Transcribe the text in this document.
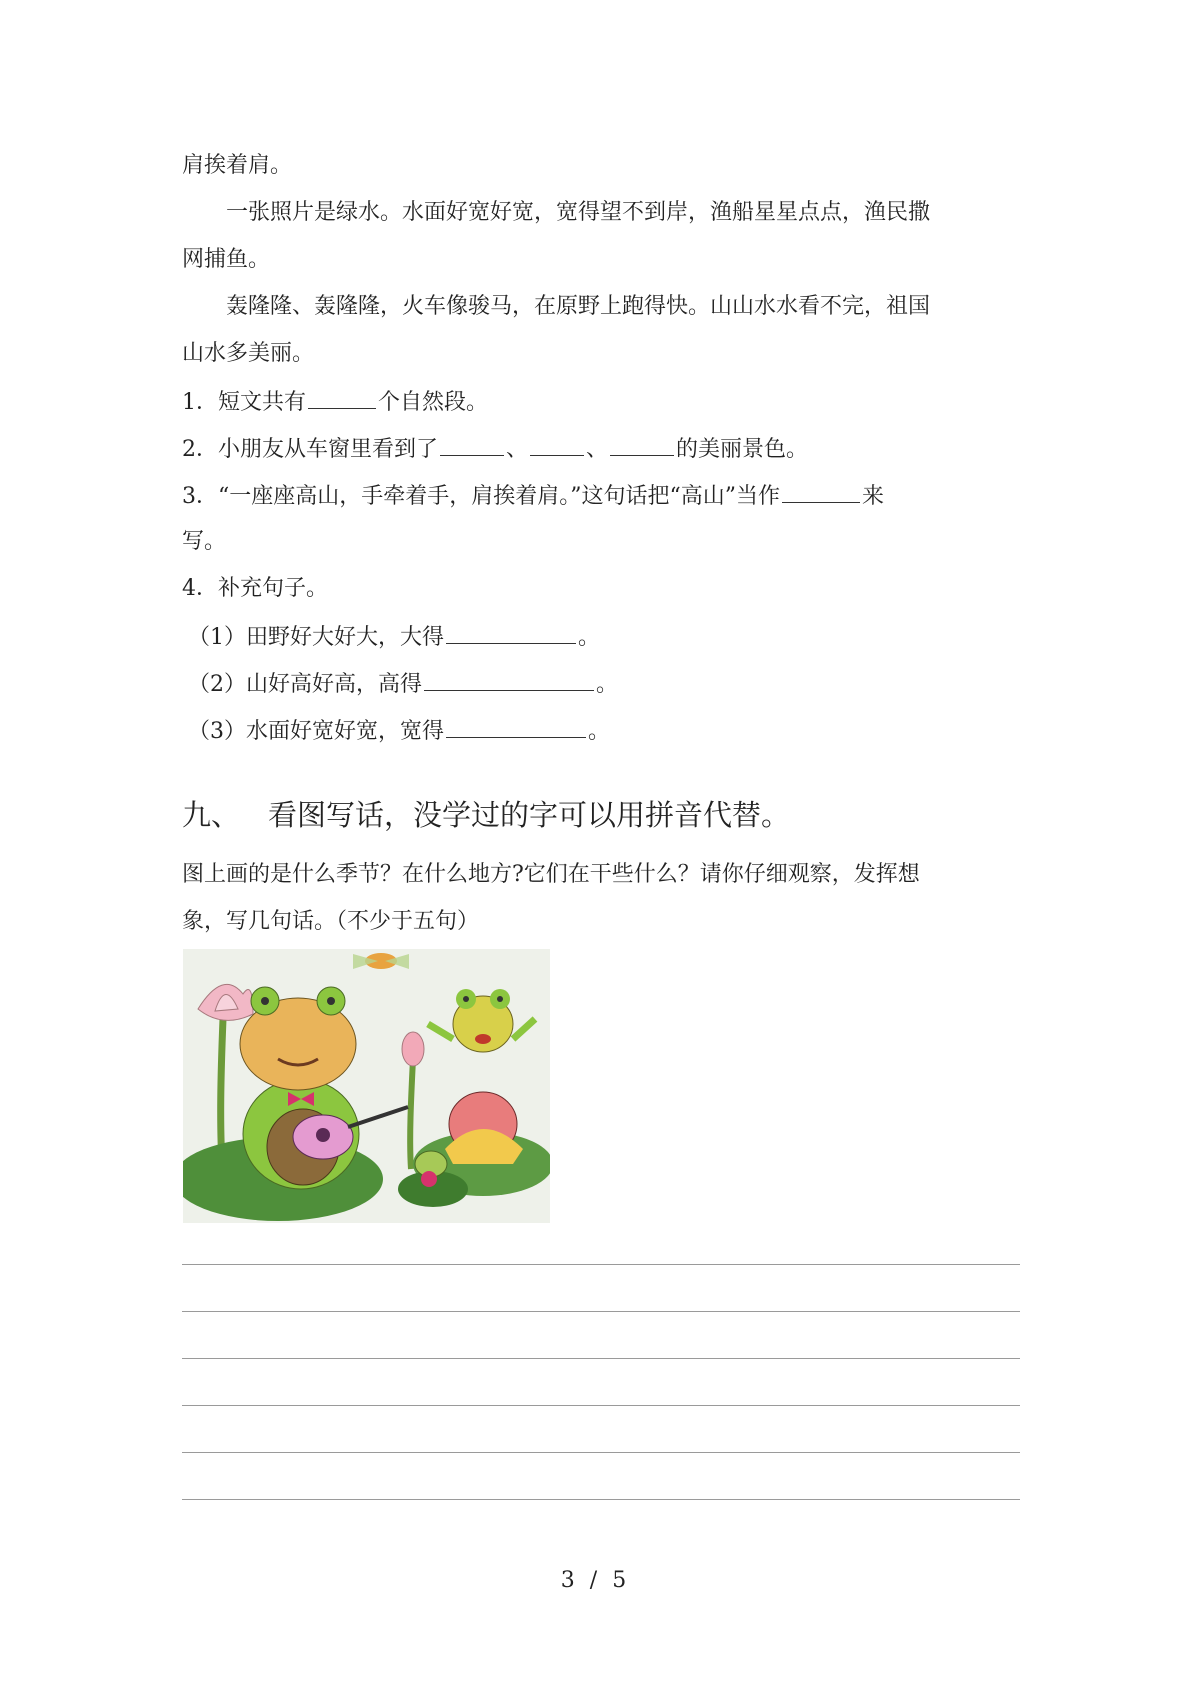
肩挨着肩。
一张照片是绿水。水面好宽好宽，宽得望不到岸，渔船星星点点，渔民撒
网捕鱼。
轰隆隆、轰隆隆，火车像骏马，在原野上跑得快。山山水水看不完，祖国
山水多美丽。
1．短文共有	个自然段。
2．小朋友从车窗里看到了	、	、	的美丽景色。
3．“一座座高山，手牵着手，肩挨着肩。”这句话把“高山”当作	来
写。
4．补充句子。
（1）田野好大好大，大得	。
（2）山好高好高，高得	。
（3）水面好宽好宽，宽得	。
九、 看图写话，没学过的字可以用拼音代替。
图上画的是什么季节？在什么地方?它们在干些什么？请你仔细观察，发挥想
象，写几句话。（不少于五句）
3 / 5
